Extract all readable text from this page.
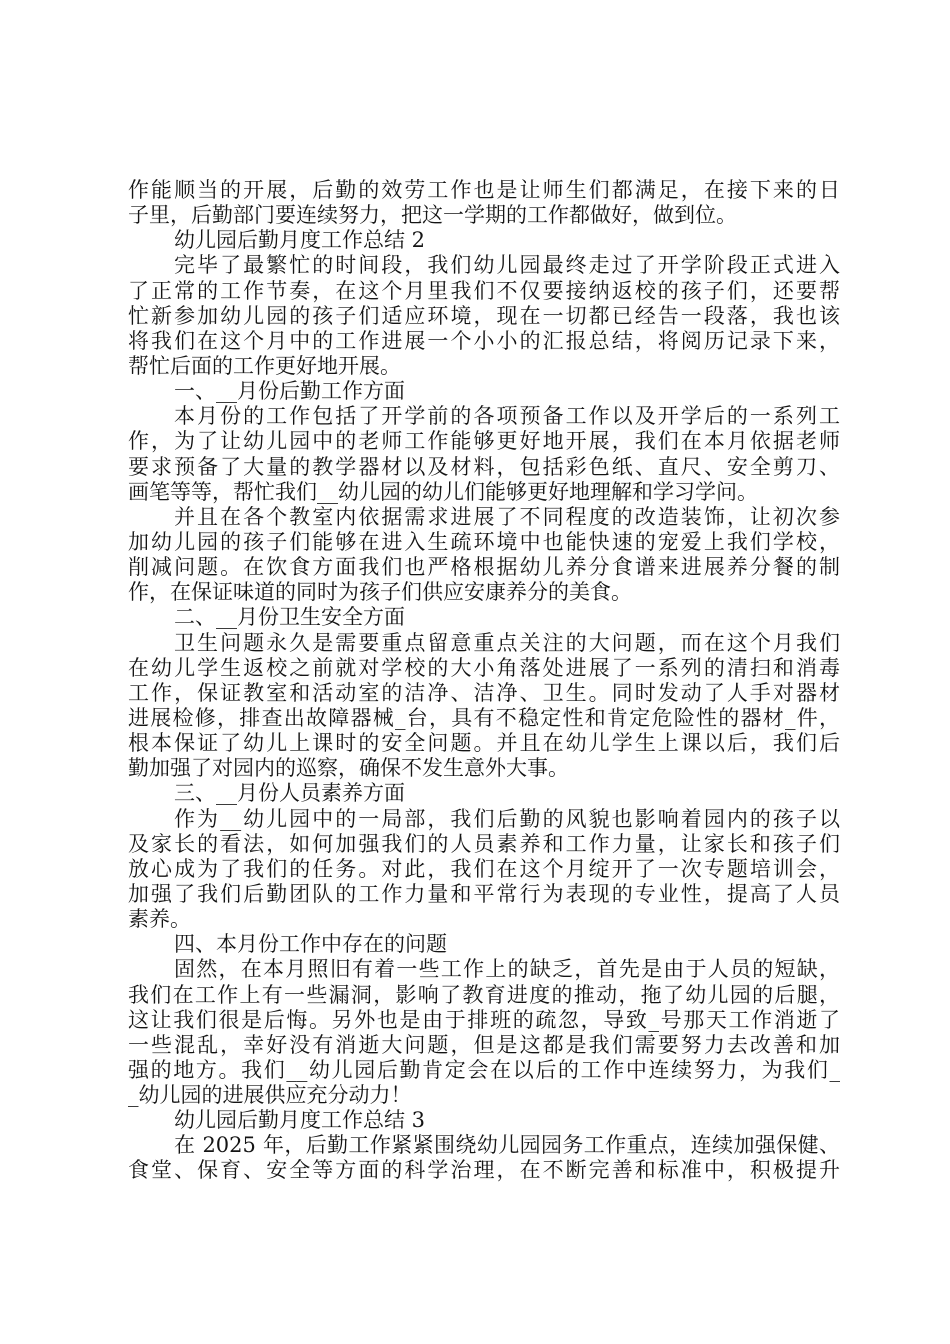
作能顺当的开展，后勤的效劳工作也是让师生们都满足，在接下来的日
子里，后勤部门要连续努力，把这一学期的工作都做好，做到位。
幼儿园后勤月度工作总结 2
完毕了最繁忙的时间段，我们幼儿园最终走过了开学阶段正式进入
了正常的工作节奏，在这个月里我们不仅要接纳返校的孩子们，还要帮
忙新参加幼儿园的孩子们适应环境，现在一切都已经告一段落，我也该
将我们在这个月中的工作进展一个小小的汇报总结，将阅历记录下来，
帮忙后面的工作更好地开展。
一、__月份后勤工作方面
本月份的工作包括了开学前的各项预备工作以及开学后的一系列工
作，为了让幼儿园中的老师工作能够更好地开展，我们在本月依据老师
要求预备了大量的教学器材以及材料，包括彩色纸、直尺、安全剪刀、
画笔等等，帮忙我们__幼儿园的幼儿们能够更好地理解和学习学问。
并且在各个教室内依据需求进展了不同程度的改造装饰，让初次参
加幼儿园的孩子们能够在进入生疏环境中也能快速的宠爱上我们学校，
削减问题。在饮食方面我们也严格根据幼儿养分食谱来进展养分餐的制
作，在保证味道的同时为孩子们供应安康养分的美食。
二、__月份卫生安全方面
卫生问题永久是需要重点留意重点关注的大问题，而在这个月我们
在幼儿学生返校之前就对学校的大小角落处进展了一系列的清扫和消毒
工作，保证教室和活动室的洁净、洁净、卫生。同时发动了人手对器材
进展检修，排查出故障器械_台，具有不稳定性和肯定危险性的器材_件，
根本保证了幼儿上课时的安全问题。并且在幼儿学生上课以后，我们后
勤加强了对园内的巡察，确保不发生意外大事。
三、__月份人员素养方面
作为__幼儿园中的一局部，我们后勤的风貌也影响着园内的孩子以
及家长的看法，如何加强我们的人员素养和工作力量，让家长和孩子们
放心成为了我们的任务。对此，我们在这个月绽开了一次专题培训会，
加强了我们后勤团队的工作力量和平常行为表现的专业性，提高了人员
素养。
四、本月份工作中存在的问题
固然，在本月照旧有着一些工作上的缺乏，首先是由于人员的短缺，
我们在工作上有一些漏洞，影响了教育进度的推动，拖了幼儿园的后腿，
这让我们很是后悔。另外也是由于排班的疏忽，导致_号那天工作消逝了
一些混乱，幸好没有消逝大问题，但是这都是我们需要努力去改善和加
强的地方。我们__幼儿园后勤肯定会在以后的工作中连续努力，为我们_
_幼儿园的进展供应充分动力！
幼儿园后勤月度工作总结 3
在 2025 年，后勤工作紧紧围绕幼儿园园务工作重点，连续加强保健、
食堂、保育、安全等方面的科学治理，在不断完善和标准中，积极提升
